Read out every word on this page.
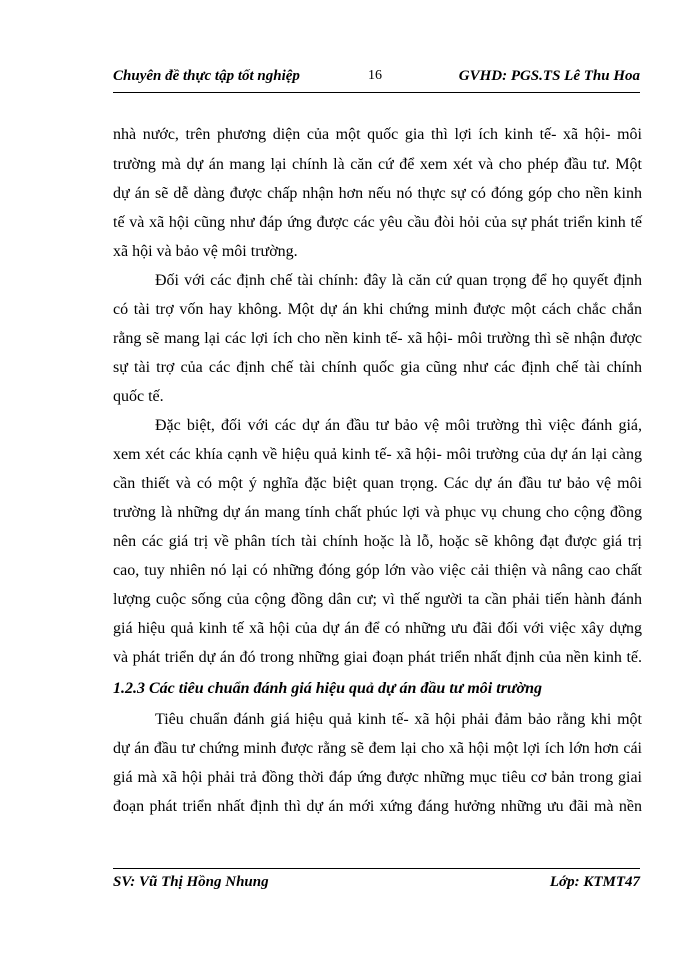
Chuyên đề thực tập tốt nghiệp	16	GVHD: PGS.TS Lê Thu Hoa
nhà nước, trên phương diện của một quốc gia thì lợi ích kinh tế- xã hội- môi
trường mà dự án mang lại chính là căn cứ để xem xét và cho phép đầu tư. Một
dự án sẽ dễ dàng được chấp nhận hơn nếu nó thực sự có đóng góp cho nền kinh
tế và xã hội cũng như đáp ứng được các yêu cầu đòi hỏi của sự phát triển kinh tế
xã hội và bảo vệ môi trường.
Đối với các định chế tài chính: đây là căn cứ quan trọng để họ quyết định
có tài trợ vốn hay không. Một dự án khi chứng minh được một cách chắc chắn
rằng sẽ mang lại các lợi ích cho nền kinh tế- xã hội- môi trường thì sẽ nhận được
sự tài trợ của các định chế tài chính quốc gia cũng như các định chế tài chính
quốc tế.
Đặc biệt, đối với các dự án đầu tư bảo vệ môi trường thì việc đánh giá,
xem xét các khía cạnh về hiệu quả kinh tế- xã hội- môi trường của dự án lại càng
cần thiết và có một ý nghĩa đặc biệt quan trọng. Các dự án đầu tư bảo vệ môi
trường là những dự án mang tính chất phúc lợi và phục vụ chung cho cộng đồng
nên các giá trị về phân tích tài chính hoặc là lỗ, hoặc sẽ không đạt được giá trị
cao, tuy nhiên nó lại có những đóng góp lớn vào việc cải thiện và nâng cao chất
lượng cuộc sống của cộng đồng dân cư; vì thế người ta cần phải tiến hành đánh
giá hiệu quả kinh tế xã hội của dự án để có những ưu đãi đối với việc xây dựng
và phát triển dự án đó trong những giai đoạn phát triển nhất định của nền kinh tế.
1.2.3 Các tiêu chuẩn đánh giá hiệu quả dự án đầu tư môi trường
Tiêu chuẩn đánh giá hiệu quả kinh tế- xã hội phải đảm bảo rằng khi một
dự án đầu tư chứng minh được rằng sẽ đem lại cho xã hội một lợi ích lớn hơn cái
giá mà xã hội phải trả đồng thời đáp ứng được những mục tiêu cơ bản trong giai
đoạn phát triển nhất định thì dự án mới xứng đáng hưởng những ưu đãi mà nền
SV: Vũ Thị Hồng Nhung	Lớp: KTMT47
